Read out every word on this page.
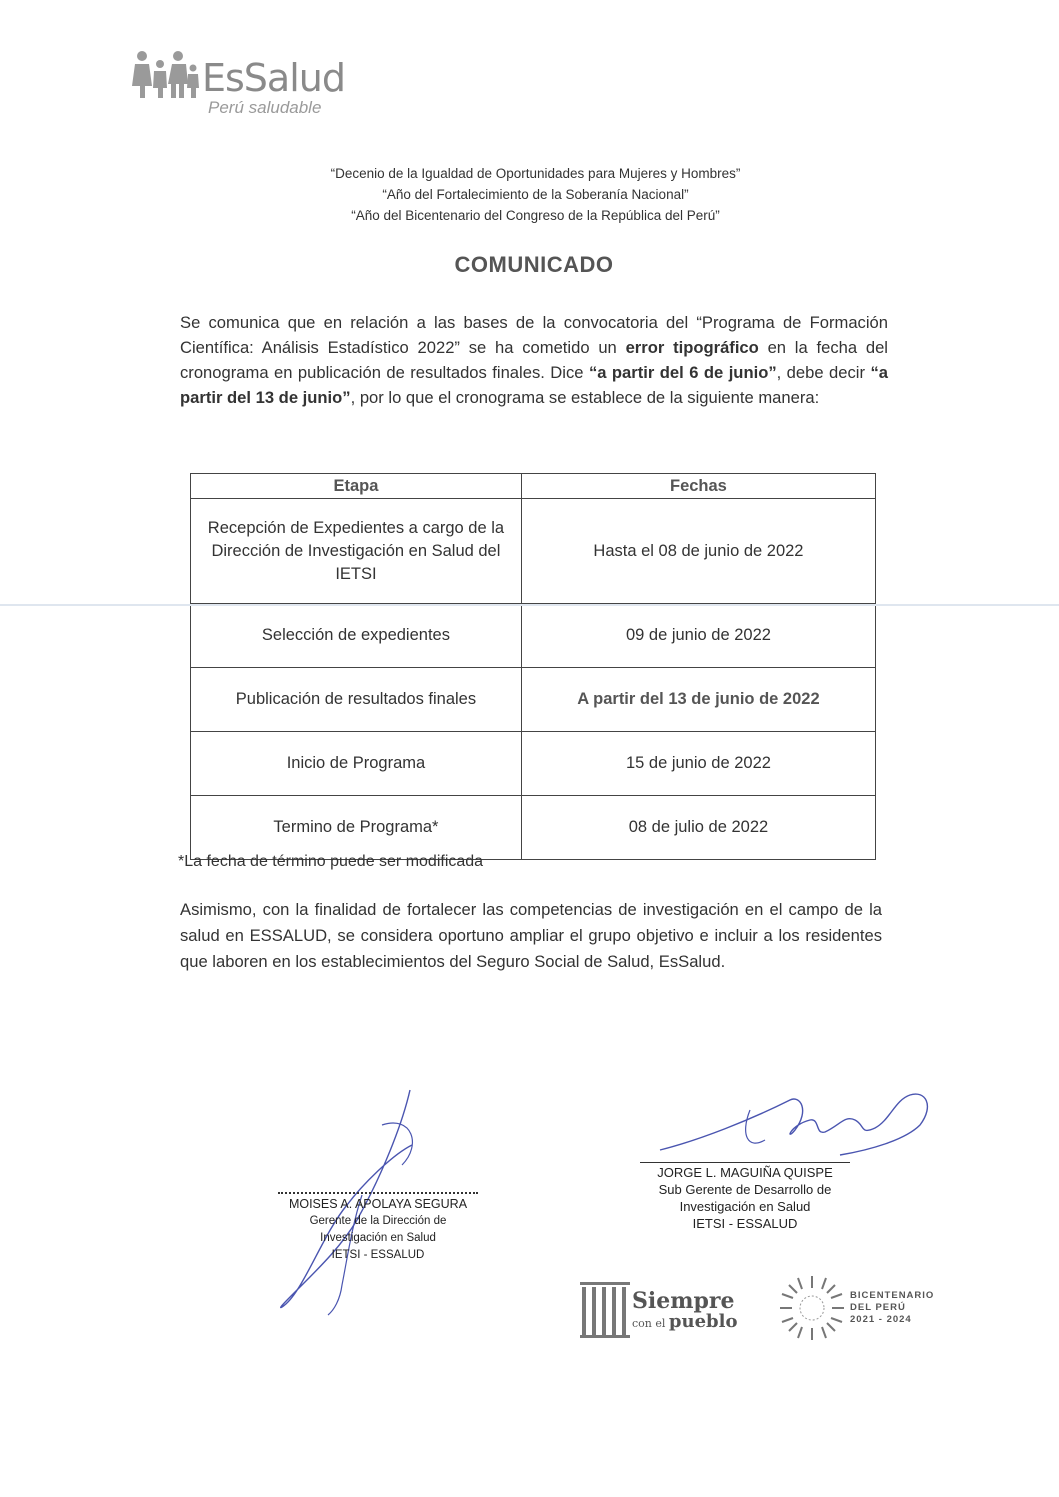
EsSalud
Perú saludable
“Decenio de la Igualdad de Oportunidades para Mujeres y Hombres”
“Año del Fortalecimiento de la Soberanía Nacional”
“Año del Bicentenario del Congreso de la República del Perú”
COMUNICADO
Se comunica que en relación a las bases de la convocatoria del “Programa de Formación Científica: Análisis Estadístico 2022” se ha cometido un error tipográfico en la fecha del cronograma en publicación de resultados finales. Dice “a partir del 6 de junio”, debe decir “a partir del 13 de junio”, por lo que el cronograma se establece de la siguiente manera:
Etapa	Fechas

Recepción de Expedientes a cargo de la Dirección de Investigación en Salud del IETSI	Hasta el 08 de junio de 2022
Selección de expedientes	09 de junio de 2022
Publicación de resultados finales	A partir del 13 de junio de 2022
Inicio de Programa	15 de junio de 2022
Termino de Programa*	08 de julio de 2022
*La fecha de término puede ser modificada
Asimismo, con la finalidad de fortalecer las competencias de investigación en el campo de la salud en ESSALUD, se considera oportuno ampliar el grupo objetivo e incluir a los residentes que laboren en los establecimientos del Seguro Social de Salud, EsSalud.
MOISES A. APOLAYA SEGURA
Gerente de la Dirección de Investigación en Salud
IETSI - ESSALUD
JORGE L. MAGUIÑA QUISPE
Sub Gerente de Desarrollo de
Investigación en Salud
IETSI - ESSALUD
Siempre
con el pueblo
BICENTENARIO
DEL PERÚ
2021 - 2024
